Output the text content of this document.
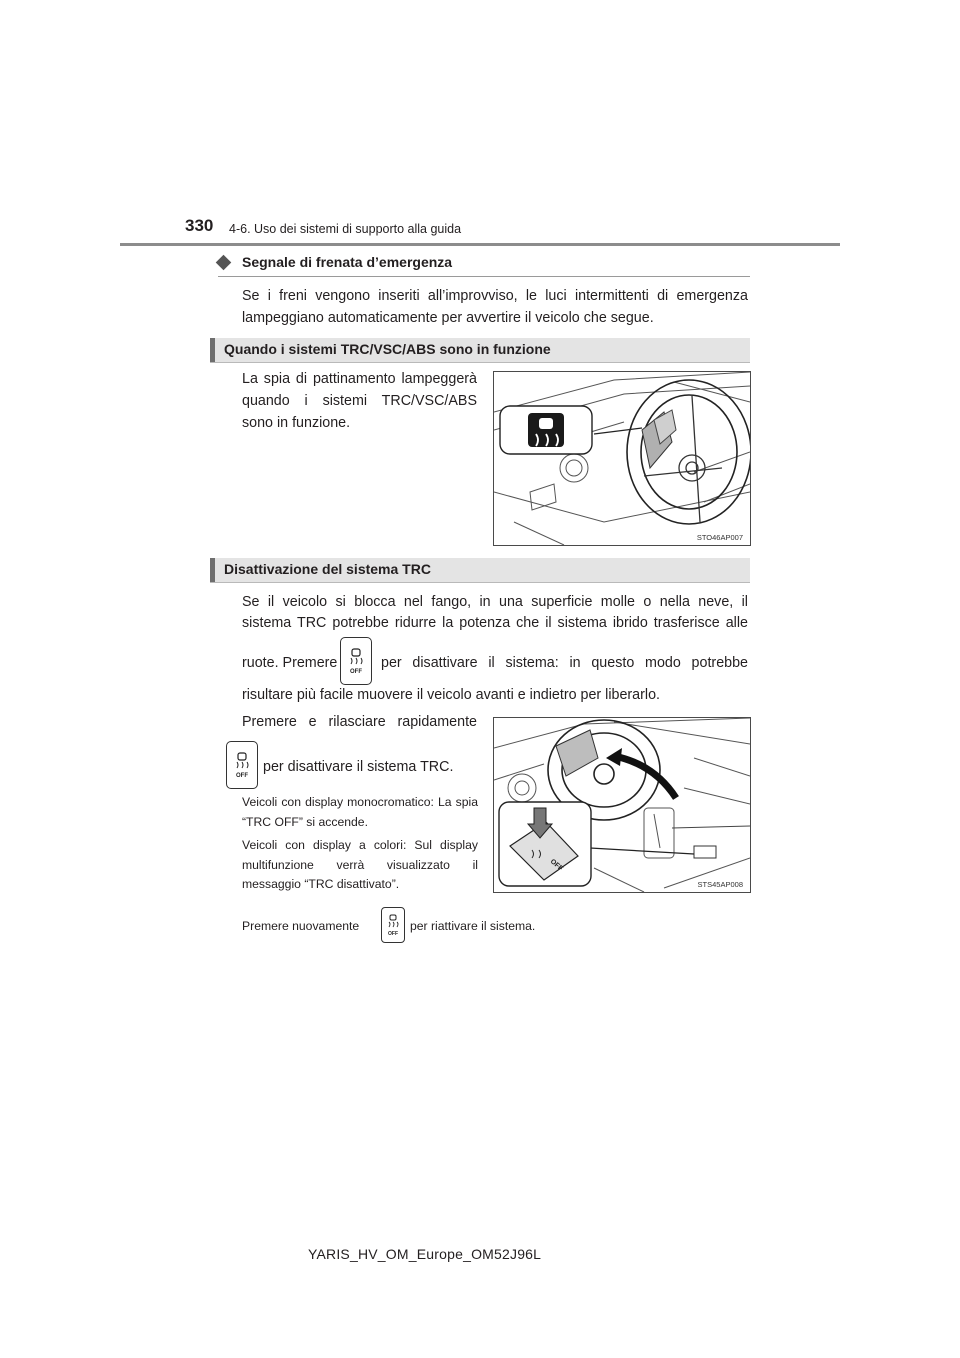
330 4-6. Uso dei sistemi di supporto alla guida
Segnale di frenata d’emergenza
Se i freni vengono inseriti all’improvviso, le luci intermittenti di emergenza lampeggiano automaticamente per avvertire il veicolo che segue.
Quando i sistemi TRC/VSC/ABS sono in funzione
La spia di pattinamento lampeggerà quando i sistemi TRC/VSC/ABS sono in funzione.
STO46AP007
Disattivazione del sistema TRC
Se il veicolo si blocca nel fango, in una superficie molle o nella neve, il
sistema TRC potrebbe ridurre la potenza che il sistema ibrido trasferisce alle
ruote. Premere
OFF
per disattivare il sistema: in questo modo potrebbe
risultare più facile muovere il veicolo avanti e indietro per liberarlo.
Premere e rilasciare rapidamente
OFF
per disattivare il sistema TRC.
Veicoli con display monocromatico: La spia “TRC OFF” si accende.
Veicoli con display a colori: Sul display multifunzione verrà visualizzato il messaggio “TRC disattivato”.
OFF
STS45AP008
Premere nuovamente
OFF
per riattivare il sistema.
YARIS_HV_OM_Europe_OM52J96L
